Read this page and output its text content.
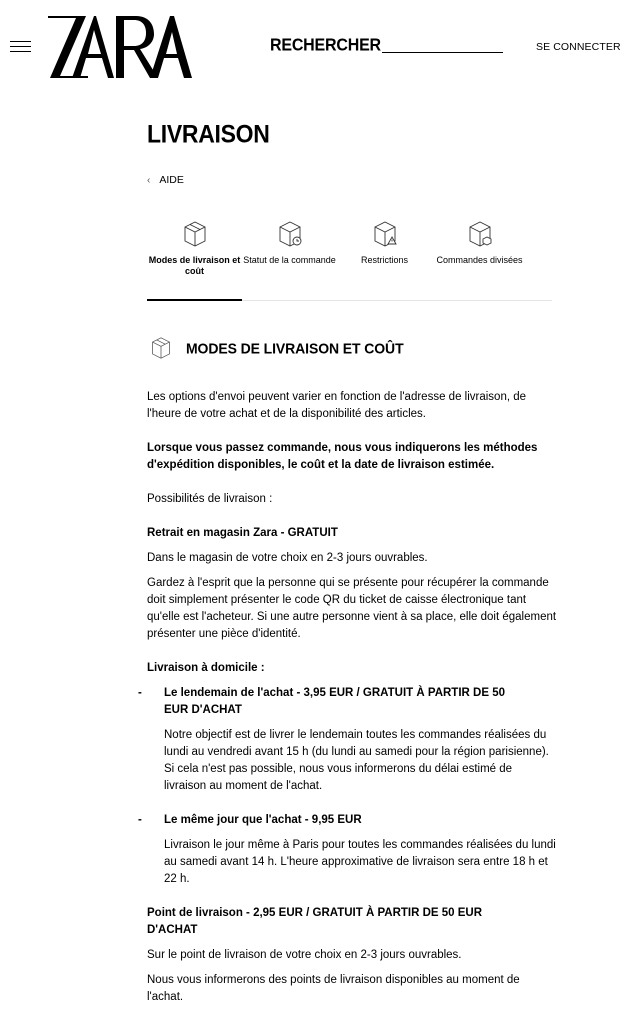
RECHERCHER	SE CONNECTER
LIVRAISON
‹ AIDE
Modes de livraison et coût
Statut de la commande	Restrictions	Commandes divisées
MODES DE LIVRAISON ET COÛT

Les options d'envoi peuvent varier en fonction de l'adresse de livraison, de l'heure de votre achat et de la disponibilité des articles.

Lorsque vous passez commande, nous vous indiquerons les méthodes d'expédition disponibles, le coût et la date de livraison estimée.

Possibilités de livraison :

Retrait en magasin Zara - GRATUIT

Dans le magasin de votre choix en 2-3 jours ouvrables.

Gardez à l'esprit que la personne qui se présente pour récupérer la commande doit simplement présenter le code QR du ticket de caisse électronique tant qu'elle est l'acheteur. Si une autre personne vient à sa place, elle doit également présenter une pièce d'identité.

Livraison à domicile :

- Le lendemain de l'achat - 3,95 EUR / GRATUIT À PARTIR DE 50 EUR D'ACHAT

Notre objectif est de livrer le lendemain toutes les commandes réalisées du lundi au vendredi avant 15 h (du lundi au samedi pour la région parisienne). Si cela n'est pas possible, nous vous informerons du délai estimé de livraison au moment de l'achat.

- Le même jour que l'achat - 9,95 EUR

Livraison le jour même à Paris pour toutes les commandes réalisées du lundi au samedi avant 14 h. L'heure approximative de livraison sera entre 18 h et 22 h.

Point de livraison - 2,95 EUR / GRATUIT À PARTIR DE 50 EUR D'ACHAT

Sur le point de livraison de votre choix en 2-3 jours ouvrables.

Nous vous informerons des points de livraison disponibles au moment de l'achat.
